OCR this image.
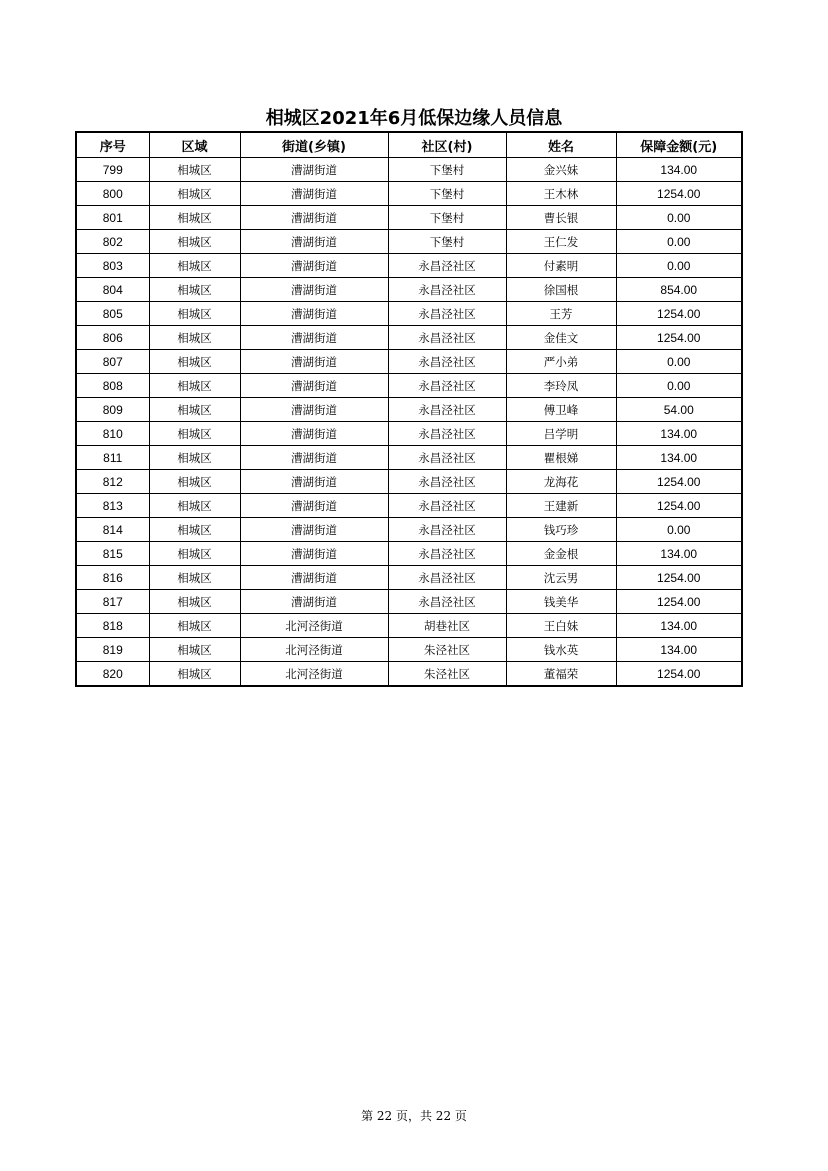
相城区2021年6月低保边缘人员信息
序号	区域	街道(乡镇)	社区(村)	姓名	保障金额(元)
799	相城区	漕湖街道	下堡村	金兴妹	134.00
800	相城区	漕湖街道	下堡村	王木林	1254.00
801	相城区	漕湖街道	下堡村	曹长银	0.00
802	相城区	漕湖街道	下堡村	王仁发	0.00
803	相城区	漕湖街道	永昌泾社区	付素明	0.00
804	相城区	漕湖街道	永昌泾社区	徐国根	854.00
805	相城区	漕湖街道	永昌泾社区	王芳	1254.00
806	相城区	漕湖街道	永昌泾社区	金佳文	1254.00
807	相城区	漕湖街道	永昌泾社区	严小弟	0.00
808	相城区	漕湖街道	永昌泾社区	李玲凤	0.00
809	相城区	漕湖街道	永昌泾社区	傅卫峰	54.00
810	相城区	漕湖街道	永昌泾社区	吕学明	134.00
811	相城区	漕湖街道	永昌泾社区	瞿根娣	134.00
812	相城区	漕湖街道	永昌泾社区	龙海花	1254.00
813	相城区	漕湖街道	永昌泾社区	王建新	1254.00
814	相城区	漕湖街道	永昌泾社区	钱巧珍	0.00
815	相城区	漕湖街道	永昌泾社区	金金根	134.00
816	相城区	漕湖街道	永昌泾社区	沈云男	1254.00
817	相城区	漕湖街道	永昌泾社区	钱美华	1254.00
818	相城区	北河泾街道	胡巷社区	王白妹	134.00
819	相城区	北河泾街道	朱泾社区	钱水英	134.00
820	相城区	北河泾街道	朱泾社区	董福荣	1254.00
第 22 页，共 22 页
